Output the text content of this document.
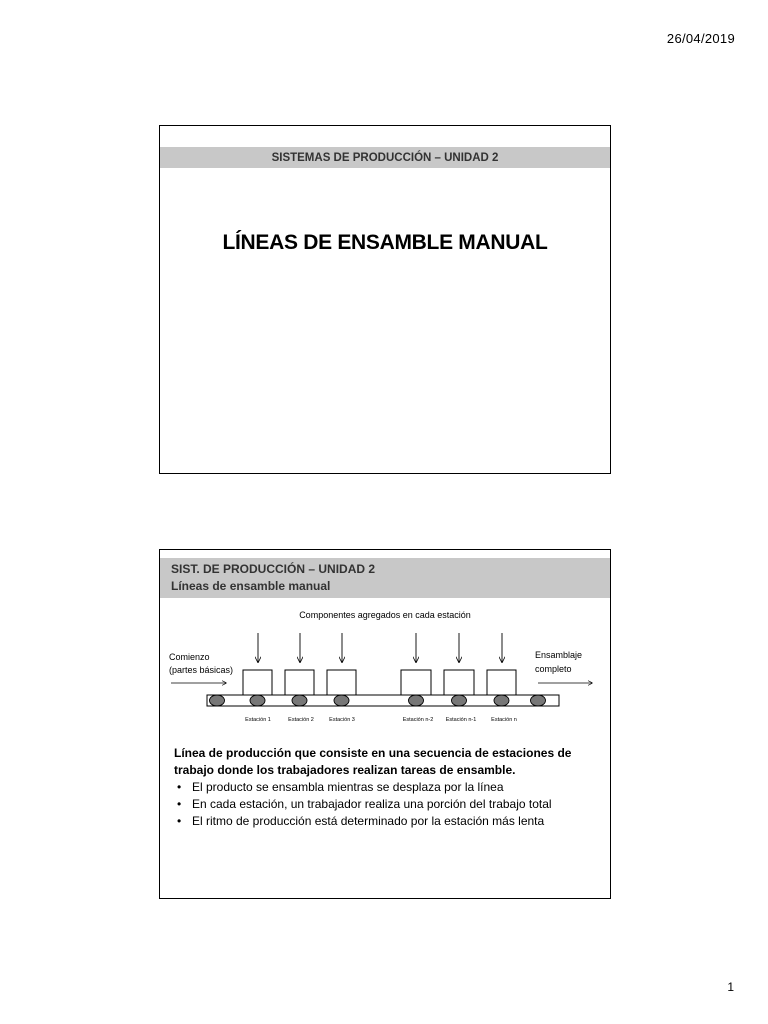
26/04/2019
SISTEMAS DE PRODUCCIÓN – UNIDAD 2
LÍNEAS DE ENSAMBLE MANUAL
SIST. DE PRODUCCIÓN – UNIDAD 2
Líneas de ensamble manual
Componentes agregados en cada estación
Comienzo
(partes básicas)
Ensamblaje
completo
Estación 1	Estación 2	Estación 3	Estación n-2 Estación n-1	Estación n

Línea de producción que consiste en una secuencia de estaciones de trabajo donde los trabajadores realizan tareas de ensamble.

• El producto se ensambla mientras se desplaza por la línea
• En cada estación, un trabajador realiza una porción del trabajo total
• El ritmo de producción está determinado por la estación más lenta
1
